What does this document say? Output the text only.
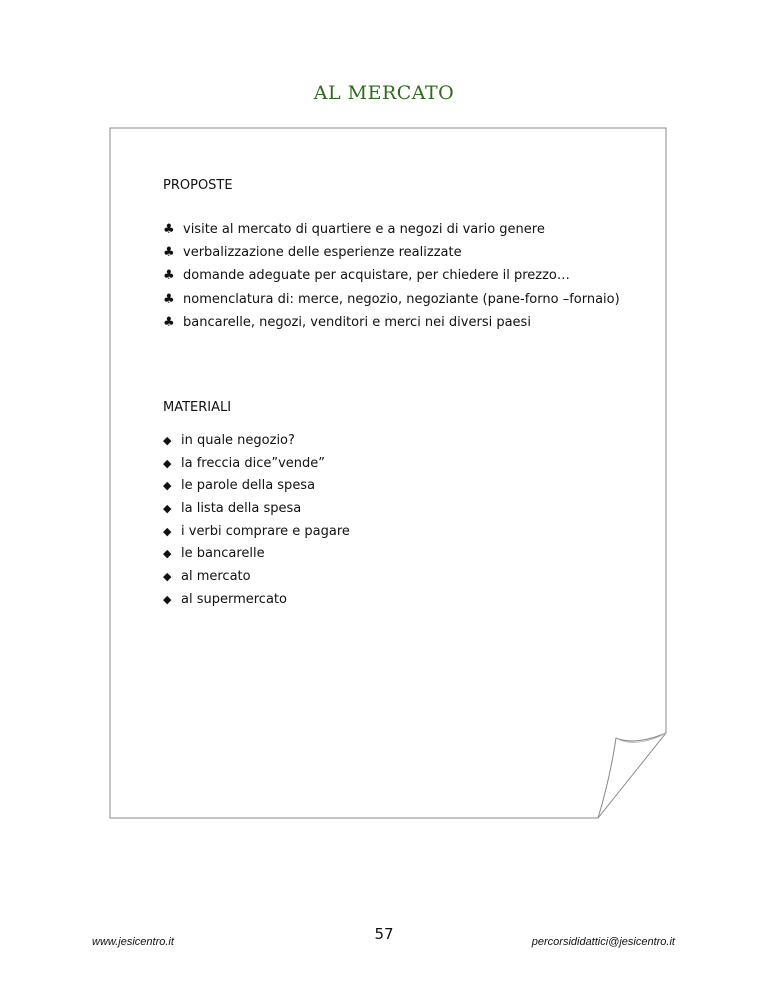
AL MERCATO
PROPOSTE
♣ visite al mercato di quartiere e a negozi di vario genere
♣ verbalizzazione delle esperienze realizzate
♣ domande adeguate per acquistare, per chiedere il prezzo…
♣ nomenclatura di: merce, negozio, negoziante (pane-forno –fornaio)
♣ bancarelle, negozi, venditori e merci nei diversi paesi
MATERIALI
◆ in quale negozio?
◆ la freccia dice”vende”
◆ le parole della spesa
◆ la lista della spesa
◆ i verbi comprare e pagare
◆ le bancarelle
◆ al mercato
◆ al supermercato
www.jesicentro.it	57	percorsididattici@jesicentro.it
